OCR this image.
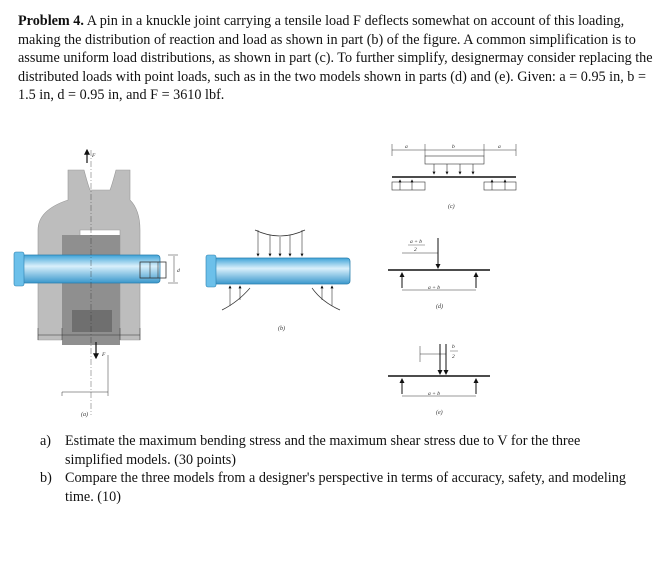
Problem 4. A pin in a knuckle joint carrying a tensile load F deflects somewhat on account of this loading, making the distribution of reaction and load as shown in part (b) of the figure. A common simplification is to assume uniform load distributions, as shown in part (c). To further simplify, designermay consider replacing the distributed loads with point loads, such as in the two models shown in parts (d) and (e). Given: a = 0.95 in, b = 1.5 in, d = 0.95 in, and F = 3610 lbf.
d
F
F
(a)
(b)
a	b	a
(c)
a + b
2
a + b
(d)
b
2
a + b
(e)
a) Estimate the maximum bending stress and the maximum shear stress due to V for the three simplified models. (30 points)
b) Compare the three models from a designer's perspective in terms of accuracy, safety, and modeling time. (10)
